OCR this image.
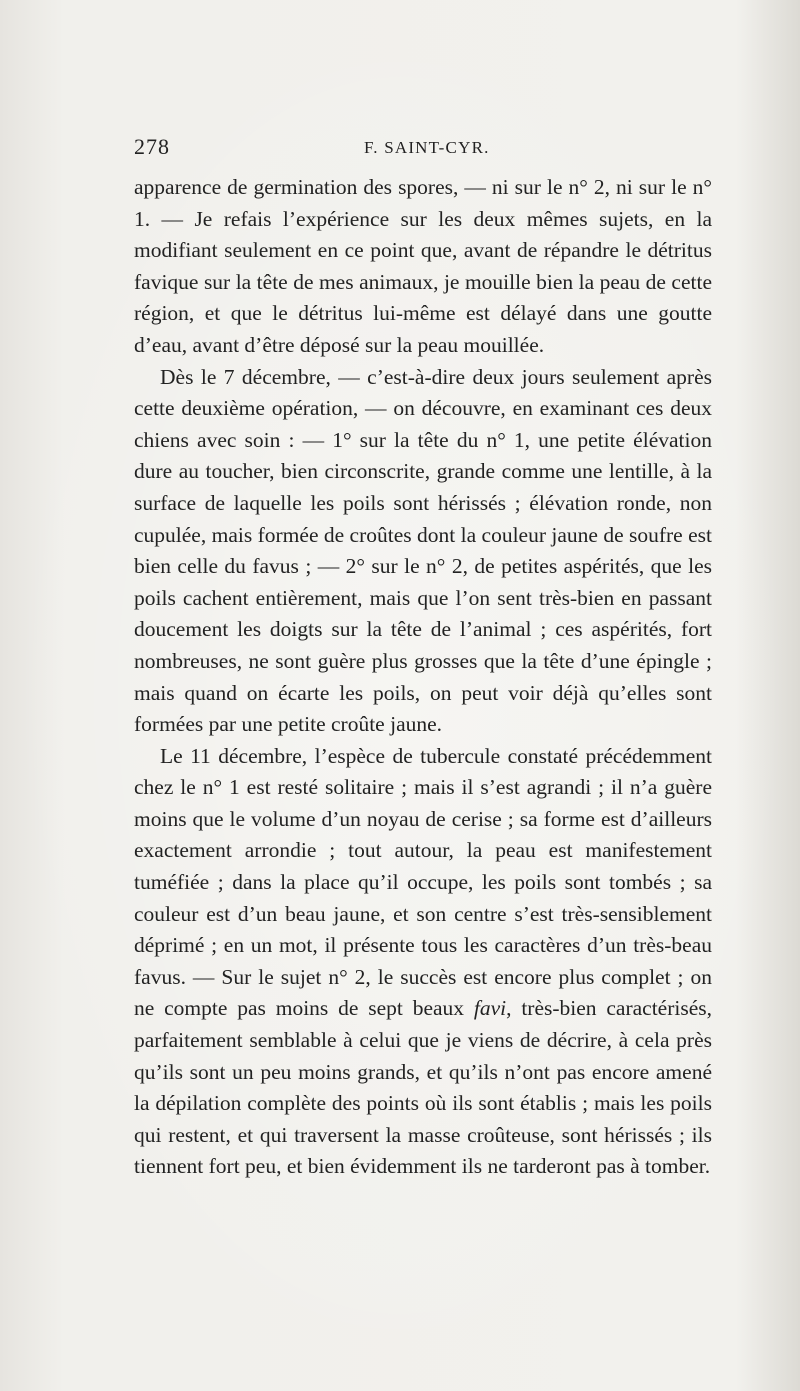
278	F. SAINT-CYR.

apparence de germination des spores, — ni sur le n° 2, ni sur le n° 1. — Je refais l’expérience sur les deux mêmes sujets, en la modifiant seulement en ce point que, avant de répandre le détritus favique sur la tête de mes animaux, je mouille bien la peau de cette région, et que le détritus lui-même est délayé dans une goutte d’eau, avant d’être déposé sur la peau mouillée.

Dès le 7 décembre, — c’est-à-dire deux jours seulement après cette deuxième opération, — on découvre, en examinant ces deux chiens avec soin : — 1° sur la tête du n° 1, une petite élévation dure au toucher, bien circonscrite, grande comme une lentille, à la surface de laquelle les poils sont hérissés ; élévation ronde, non cupulée, mais formée de croûtes dont la couleur jaune de soufre est bien celle du favus ; — 2° sur le n° 2, de petites aspérités, que les poils cachent entièrement, mais que l’on sent très-bien en passant doucement les doigts sur la tête de l’animal ; ces aspérités, fort nombreuses, ne sont guère plus grosses que la tête d’une épingle ; mais quand on écarte les poils, on peut voir déjà qu’elles sont formées par une petite croûte jaune.

Le 11 décembre, l’espèce de tubercule constaté précédemment chez le n° 1 est resté solitaire ; mais il s’est agrandi ; il n’a guère moins que le volume d’un noyau de cerise ; sa forme est d’ailleurs exactement arrondie ; tout autour, la peau est manifestement tuméfiée ; dans la place qu’il occupe, les poils sont tombés ; sa couleur est d’un beau jaune, et son centre s’est très-sensiblement déprimé ; en un mot, il présente tous les caractères d’un très-beau favus. — Sur le sujet n° 2, le succès est encore plus complet ; on ne compte pas moins de sept beaux favi, très-bien caractérisés, parfaitement semblable à celui que je viens de décrire, à cela près qu’ils sont un peu moins grands, et qu’ils n’ont pas encore amené la dépilation complète des points où ils sont établis ; mais les poils qui restent, et qui traversent la masse croûteuse, sont hérissés ; ils tiennent fort peu, et bien évidemment ils ne tarderont pas à tomber.
